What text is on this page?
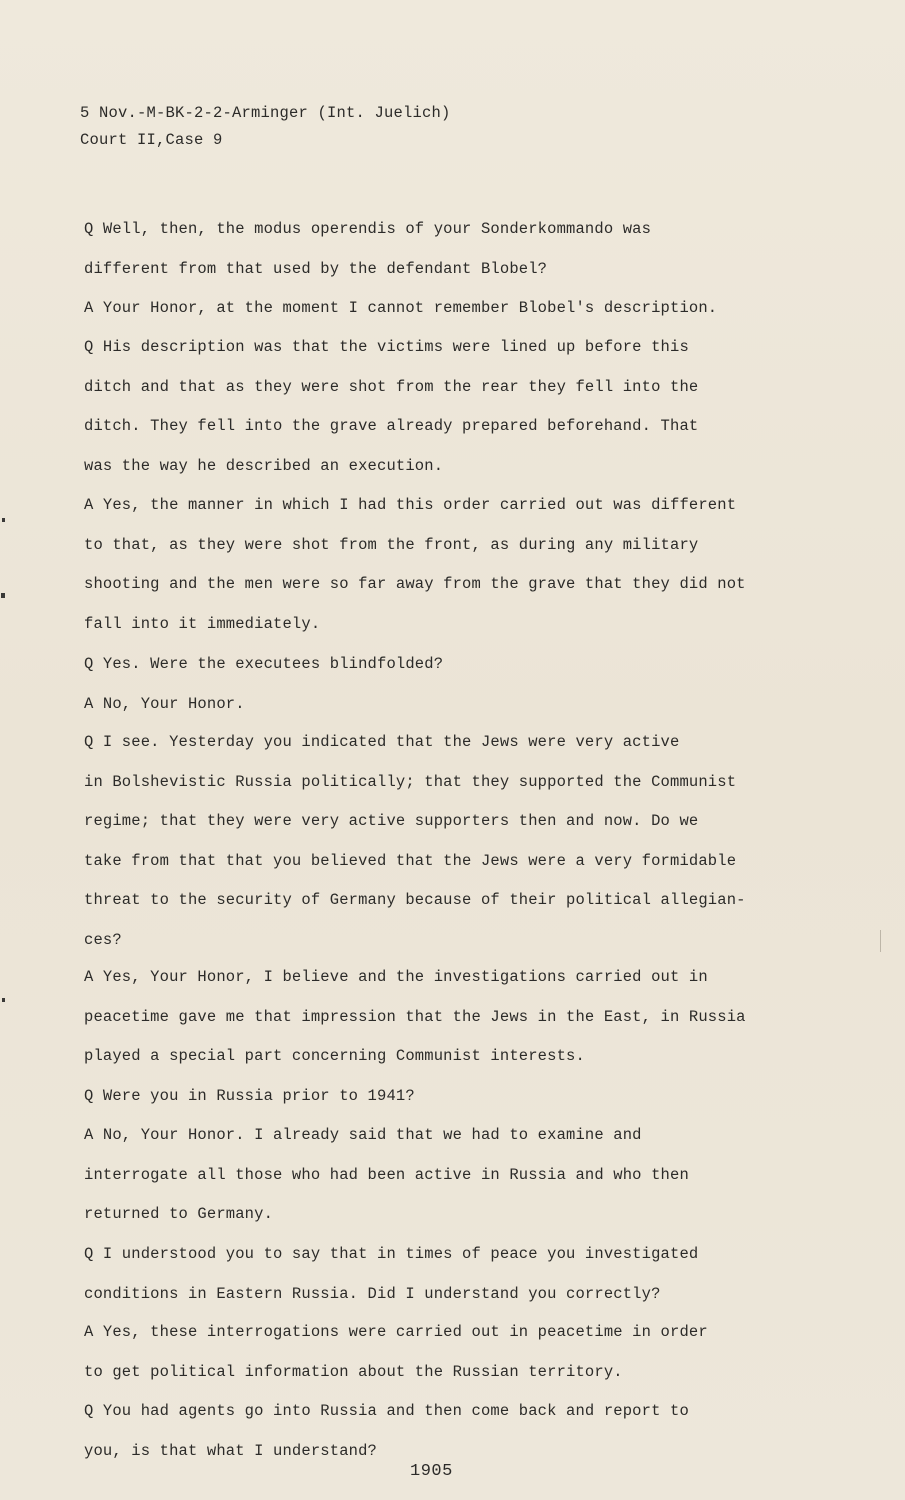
5 Nov.-M-BK-2-2-Arminger (Int. Juelich)
Court II,Case 9
Q Well, then, the modus operendis of your Sonderkommando was
different from that used by the defendant Blobel?
A Your Honor, at the moment I cannot remember Blobel's description.
Q His description was that the victims were lined up before this
ditch and that as they were shot from the rear they fell into the
ditch. They fell into the grave already prepared beforehand. That
was the way he described an execution.
A Yes, the manner in which I had this order carried out was different
to that, as they were shot from the front, as during any military
shooting and the men were so far away from the grave that they did not
fall into it immediately.
Q Yes. Were the executees blindfolded?
A No, Your Honor.
Q I see. Yesterday you indicated that the Jews were very active
in Bolshevistic Russia politically; that they supported the Communist
regime; that they were very active supporters then and now. Do we
take from that that you believed that the Jews were a very formidable
threat to the security of Germany because of their political allegian-
ces?
A Yes, Your Honor, I believe and the investigations carried out in
peacetime gave me that impression that the Jews in the East, in Russia
played a special part concerning Communist interests.
Q Were you in Russia prior to 1941?
A No, Your Honor. I already said that we had to examine and
interrogate all those who had been active in Russia and who then
returned to Germany.
Q I understood you to say that in times of peace you investigated
conditions in Eastern Russia. Did I understand you correctly?
A Yes, these interrogations were carried out in peacetime in order
to get political information about the Russian territory.
Q You had agents go into Russia and then come back and report to
you, is that what I understand?
1905
